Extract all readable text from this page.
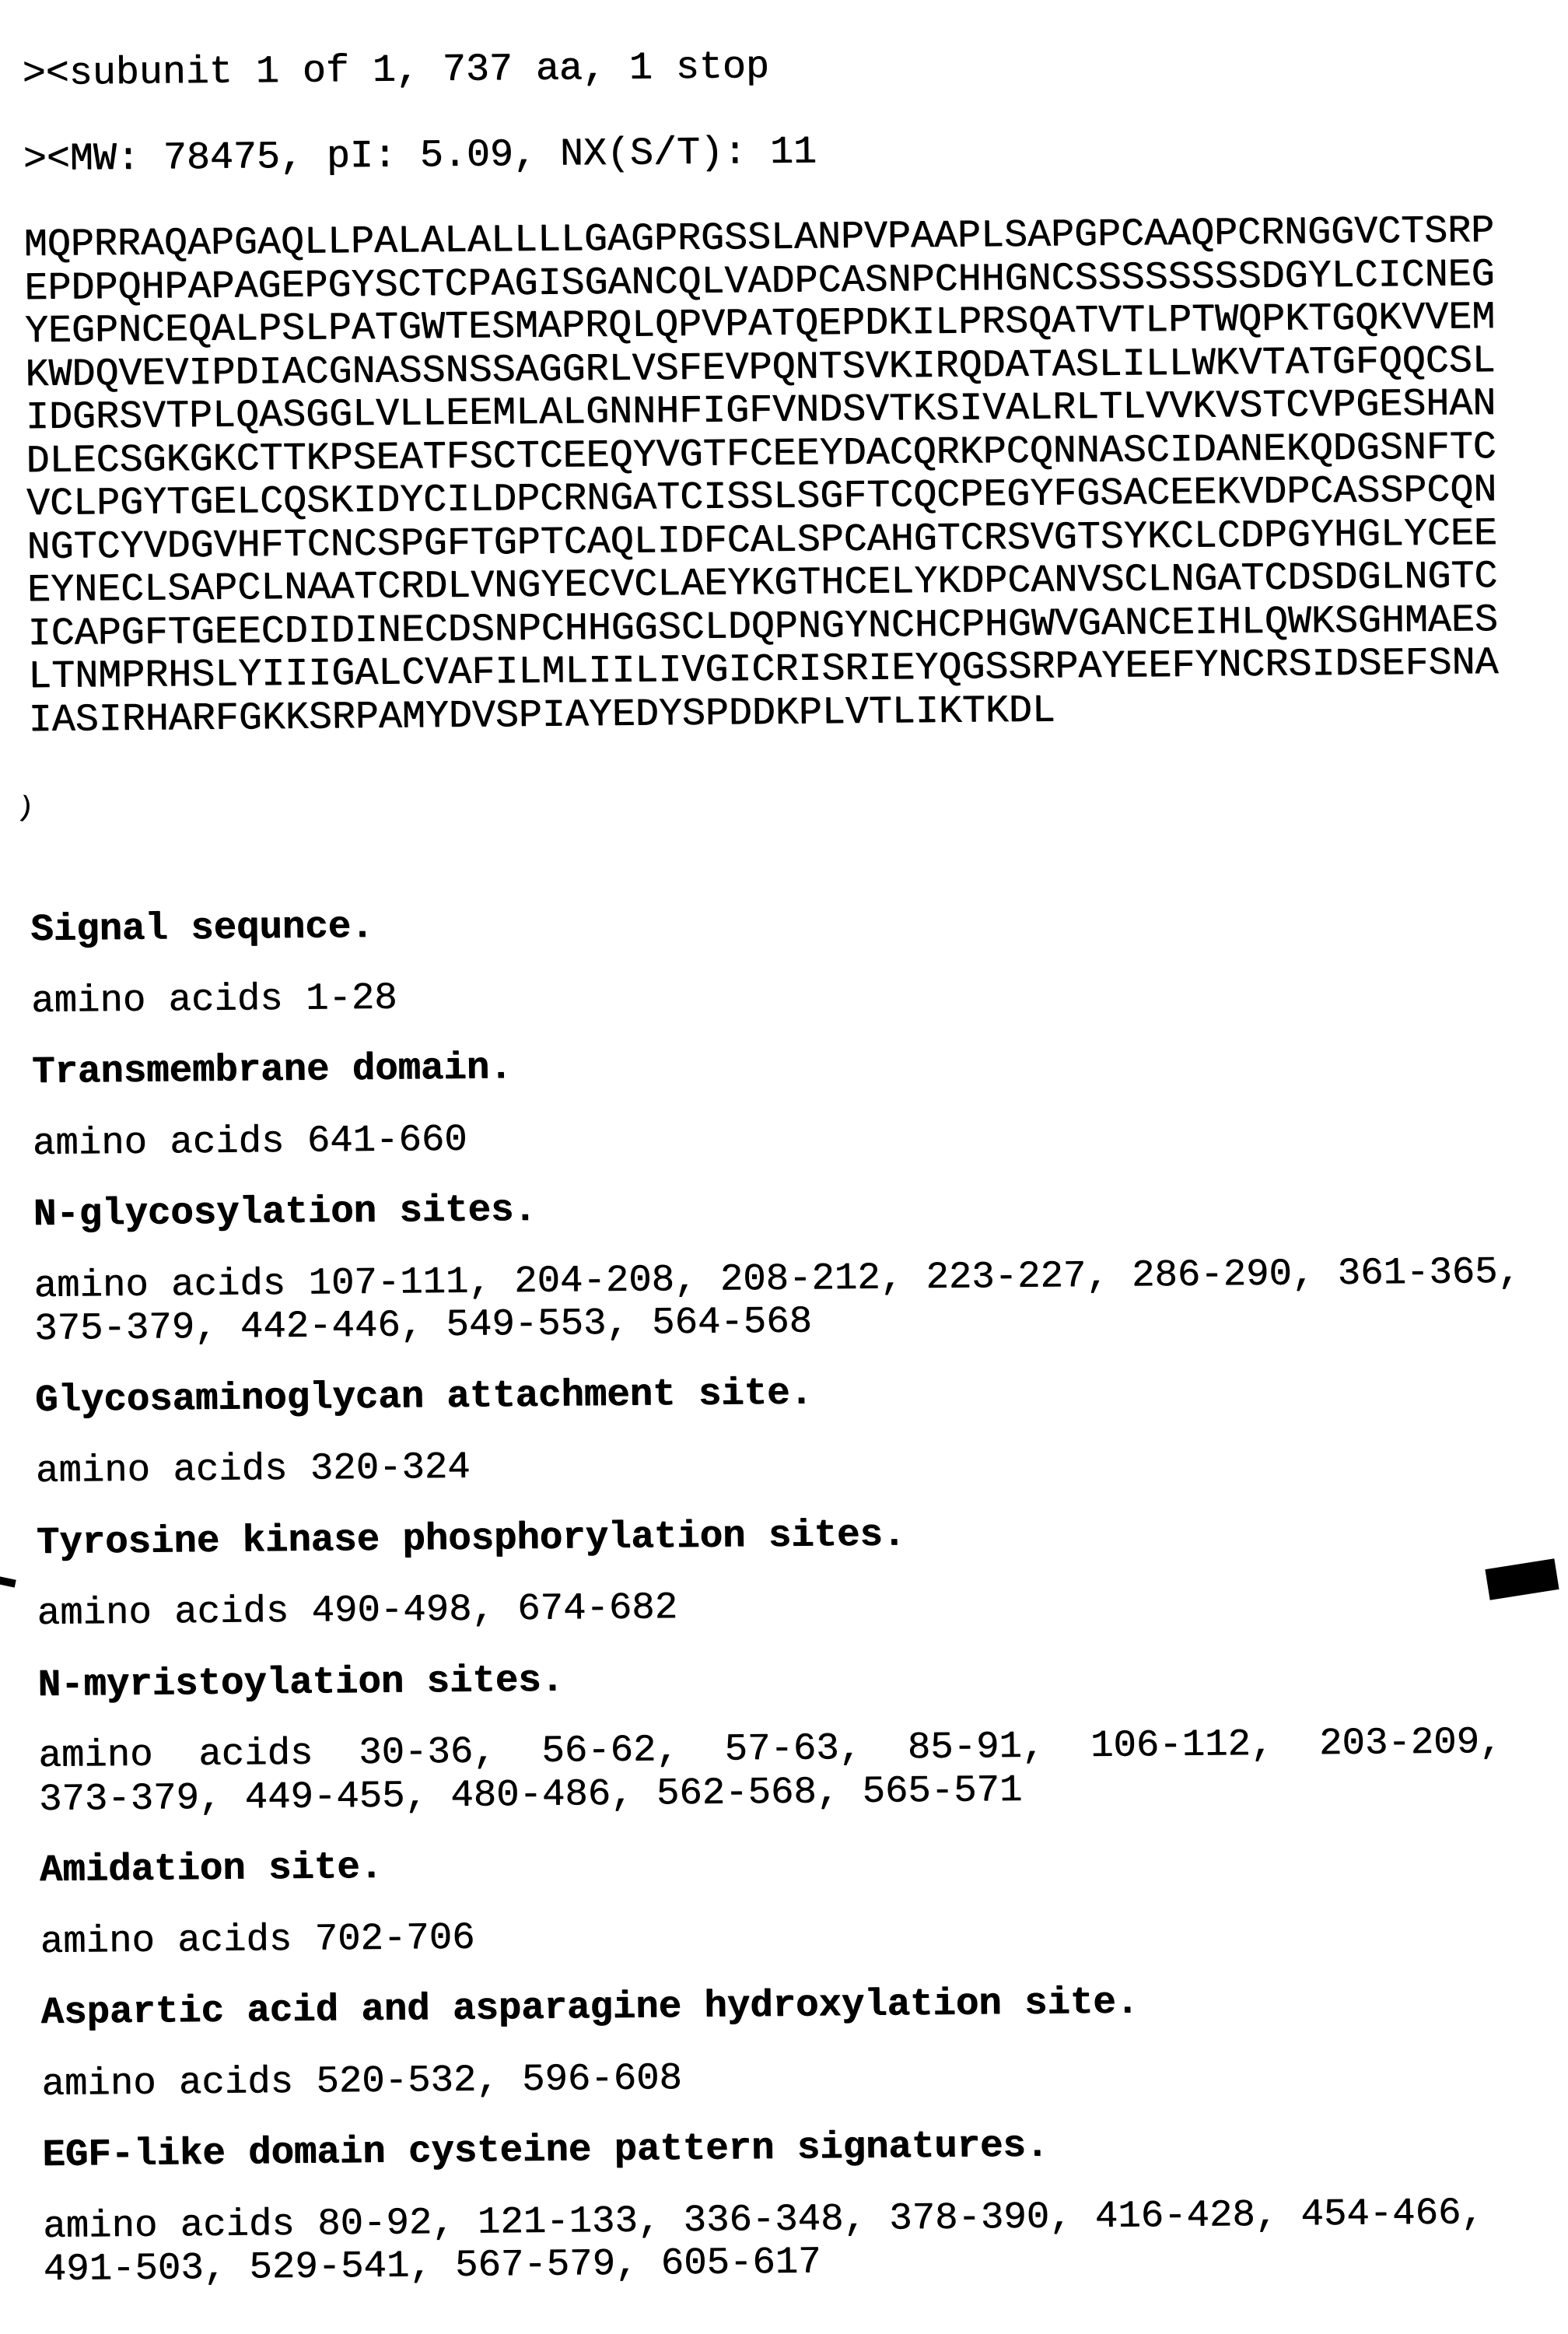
><subunit 1 of 1, 737 aa, 1 stop

><MW: 78475, pI: 5.09, NX(S/T): 11

MQPRRAQAPGAQLLPALALALLLLGAGPRGSSLANPVPAAPLSAPGPCAAQPCRNGGVCTSRP
EPDPQHPAPAGEPGYSCTCPAGISGANCQLVADPCASNPCHHGNCSSSSSSSSDGYLCICNEG
YEGPNCEQALPSLPATGWTESMAPRQLQPVPATQEPDKILPRSQATVTLPTWQPKTGQKVVEM
KWDQVEVIPDIACGNASSNSSAGGRLVSFEVPQNTSVKIRQDATASLILLWKVTATGFQQCSL
IDGRSVTPLQASGGLVLLEEMLALGNNHFIGFVNDSVTKSIVALRLTLVVKVSTCVPGESHAN
DLECSGKGKCTTKPSEATFSCTCEEQYVGTFCEEYDACQRKPCQNNASCIDANEKQDGSNFTC
VCLPGYTGELCQSKIDYCILDPCRNGATCISSLSGFTCQCPEGYFGSACEEKVDPCASSPCQN
NGTCYVDGVHFTCNCSPGFTGPTCAQLIDFCALSPCAHGTCRSVGTSYKCLCDPGYHGLYCEE
EYNECLSAPCLNAATCRDLVNGYECVCLAEYKGTHCELYKDPCANVSCLNGATCDSDGLNGTC
ICAPGFTGEECDIDINECDSNPCHHGGSCLDQPNGYNCHCPHGWVGANCEIHLQWKSGHMAES
LTNMPRHSLYIIIGALCVAFILMLIILIVGICRISRIEYQGSSRPAYEEFYNCRSIDSEFSNA
IASIRHARFGKKSRPAMYDVSPIAYEDYSPDDKPLVTLIKTKDL

)

Signal sequnce.

amino acids 1-28

Transmembrane domain.

amino acids 641-660

N-glycosylation sites.

amino acids 107-111, 204-208, 208-212, 223-227, 286-290, 361-365,
375-379, 442-446, 549-553, 564-568

Glycosaminoglycan attachment site.

amino acids 320-324

Tyrosine kinase phosphorylation sites.

amino acids 490-498, 674-682

N-myristoylation sites.

amino  acids  30-36,  56-62,  57-63,  85-91,  106-112,  203-209,
373-379, 449-455, 480-486, 562-568, 565-571

Amidation site.

amino acids 702-706

Aspartic acid and asparagine hydroxylation site.

amino acids 520-532, 596-608

EGF-like domain cysteine pattern signatures.

amino acids 80-92, 121-133, 336-348, 378-390, 416-428, 454-466,
491-503, 529-541, 567-579, 605-617
